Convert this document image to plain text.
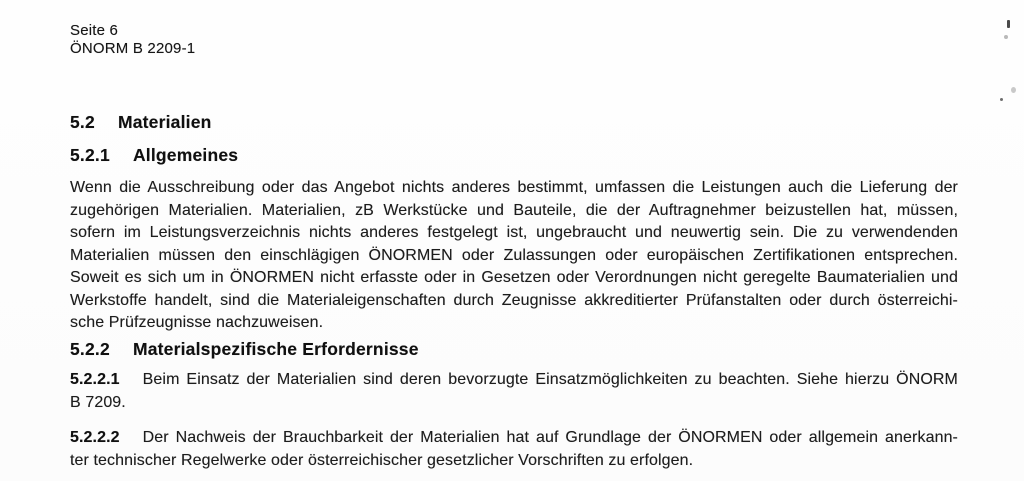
Seite 6
ÖNORM B 2209-1
5.2 Materialien
5.2.1 Allgemeines
Wenn die Ausschreibung oder das Angebot nichts anderes bestimmt, umfassen die Leistungen auch die Lieferung der
zugehörigen Materialien. Materialien, zB Werkstücke und Bauteile, die der Auftragnehmer beizustellen hat, müssen,
sofern im Leistungsverzeichnis nichts anderes festgelegt ist, ungebraucht und neuwertig sein. Die zu verwendenden
Materialien müssen den einschlägigen ÖNORMEN oder Zulassungen oder europäischen Zertifikationen entsprechen.
Soweit es sich um in ÖNORMEN nicht erfasste oder in Gesetzen oder Verordnungen nicht geregelte Baumaterialien und
Werkstoffe handelt, sind die Materialeigenschaften durch Zeugnisse akkreditierter Prüfanstalten oder durch österreichi-
sche Prüfzeugnisse nachzuweisen.
5.2.2 Materialspezifische Erfordernisse
5.2.2.1 Beim Einsatz der Materialien sind deren bevorzugte Einsatzmöglichkeiten zu beachten. Siehe hierzu ÖNORM
B 7209.
5.2.2.2 Der Nachweis der Brauchbarkeit der Materialien hat auf Grundlage der ÖNORMEN oder allgemein anerkann-
ter technischer Regelwerke oder österreichischer gesetzlicher Vorschriften zu erfolgen.
